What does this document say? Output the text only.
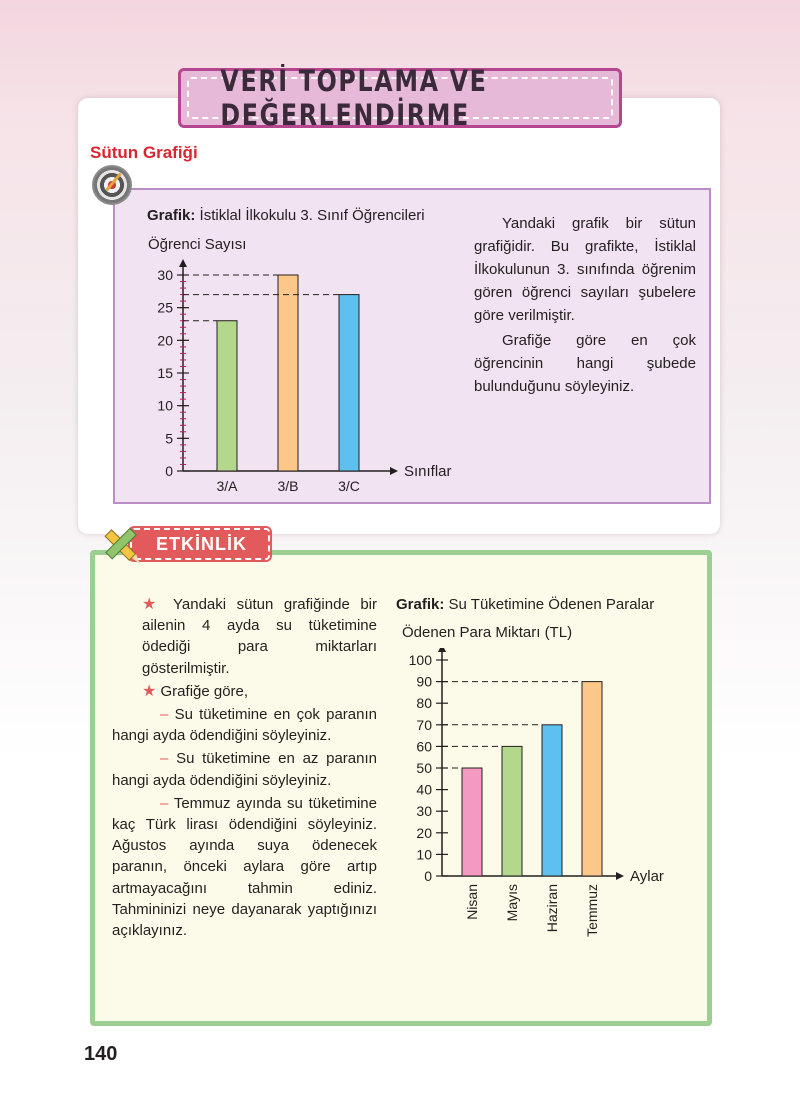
VERİ TOPLAMA VE DEĞERLENDİRME
Sütun Grafiği
Grafik: İstiklal İlkokulu 3. Sınıf Öğrencileri
Öğrenci Sayısı
0
5
10
15
20
25
30
3/A	3/B	3/C
Sınıflar

Yandaki grafik bir sütun grafiğidir. Bu grafikte, İstiklal İlkokulunun 3. sınıfında öğrenim gören öğrenci sayıları şubelere göre verilmiştir.

Grafiğe göre en çok öğrencinin hangi şubede bulunduğunu söyleyiniz.

ETKİNLİK
★ Yandaki sütun grafiğinde bir ailenin 4 ayda su tüketimine ödediği para miktarları gösterilmiştir.
★ Grafiğe göre,
– Su tüketimine en çok paranın hangi ayda ödendiğini söyleyiniz.
– Su tüketimine en az paranın hangi ayda ödendiğini söyleyiniz.
– Temmuz ayında su tüketimine kaç Türk lirası ödendiğini söyleyiniz. Ağustos ayında suya ödenecek paranın, önceki aylara göre artıp artmayacağını tahmin ediniz. Tahmininizi neye dayanarak yaptığınızı açıklayınız.
Grafik: Su Tüketimine Ödenen Paralar
Ödenen Para Miktarı (TL)
0
10
20
30
40
50
60
70
80
90
100
Nisan Mayıs Haziran Temmuz
Aylar
140
